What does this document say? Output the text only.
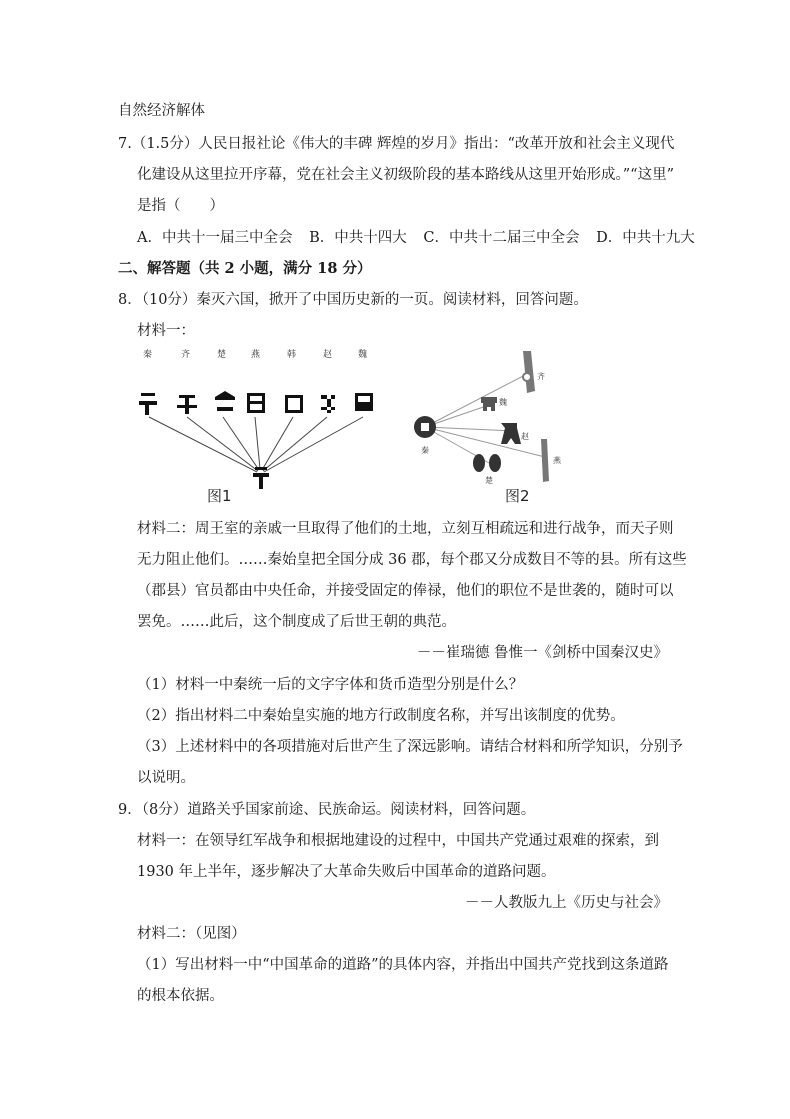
自然经济解体
7.（1.5分）人民日报社论《伟大的丰碑 辉煌的岁月》指出：“改革开放和社会主义现代
化建设从这里拉开序幕，党在社会主义初级阶段的基本路线从这里开始形成。”“这里”
是指（　　）
A．中共十一届三中全会 B．中共十四大 C．中共十二届三中全会 D．中共十九大
二、解答题（共 2 小题，满分 18 分）
8．（10分）秦灭六国，掀开了中国历史新的一页。阅读材料，回答问题。
材料一：
秦	齐	楚	燕	韩	赵	魏
图1
秦
齐
魏
赵
燕
楚
图2
材料二：周王室的亲戚一旦取得了他们的土地，立刻互相疏远和进行战争，而天子则
无力阻止他们。……秦始皇把全国分成 36 郡，每个郡又分成数目不等的县。所有这些
（郡县）官员都由中央任命，并接受固定的俸禄，他们的职位不是世袭的，随时可以
罢免。……此后，这个制度成了后世王朝的典范。
－－崔瑞德 鲁惟一《剑桥中国秦汉史》
（1）材料一中秦统一后的文字字体和货币造型分别是什么？
（2）指出材料二中秦始皇实施的地方行政制度名称，并写出该制度的优势。
（3）上述材料中的各项措施对后世产生了深远影响。请结合材料和所学知识，分别予
以说明。
9．（8分）道路关乎国家前途、民族命运。阅读材料，回答问题。
材料一：在领导红军战争和根据地建设的过程中，中国共产党通过艰难的探索，到
1930 年上半年，逐步解决了大革命失败后中国革命的道路问题。
－－人教版九上《历史与社会》
材料二：（见图）
（1）写出材料一中“中国革命的道路”的具体内容，并指出中国共产党找到这条道路
的根本依据。
